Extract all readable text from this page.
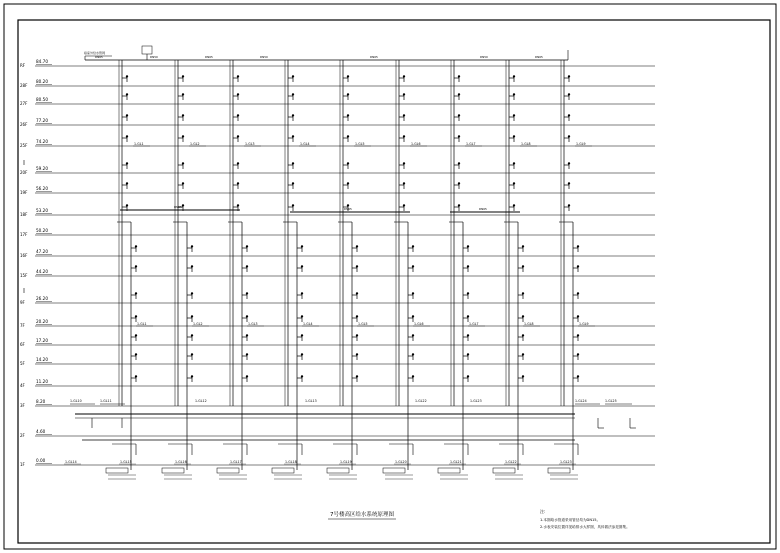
RF
84.70
28F
80.20
27F
80.50
26F
77.20
25F
74.20
20F
59.20
19F
56.20
18F
53.20
17F
50.20
16F
47.20
15F
44.20
9F
26.20
7F
20.20
6F
17.20
5F
14.20
4F
11.20
3F
8.20
2F
4.60
1F
0.00
接室外给水管网
DN65	DN50	DN65	DN50	DN65	DN50	DN65
1-GL1
1-GL1
1-GL2
1-GL2
1-GL3
1-GL3
1-GL4
1-GL4
1-GL5
1-GL5
1-GL6
1-GL6
1-GL7
1-GL7
1-GL8
1-GL8
1-GL9
1-GL9
DN65	DN65	DN65
1-GL10	1-GL11	1-GL24	1-GL25
1-GL12	1-GL13	1-GL22	1-GL23
1-GL14	1-GL15	1-GL16	1-GL17	1-GL18	1-GL19	1-GL20	1-GL21	1-GL22	1-GL23
7号楼高区给水系统原理图
注:
1.本图给水管道采用管径均为DN15。
2.水表安装位置详见给排水大样图，具体做法参见图集。
